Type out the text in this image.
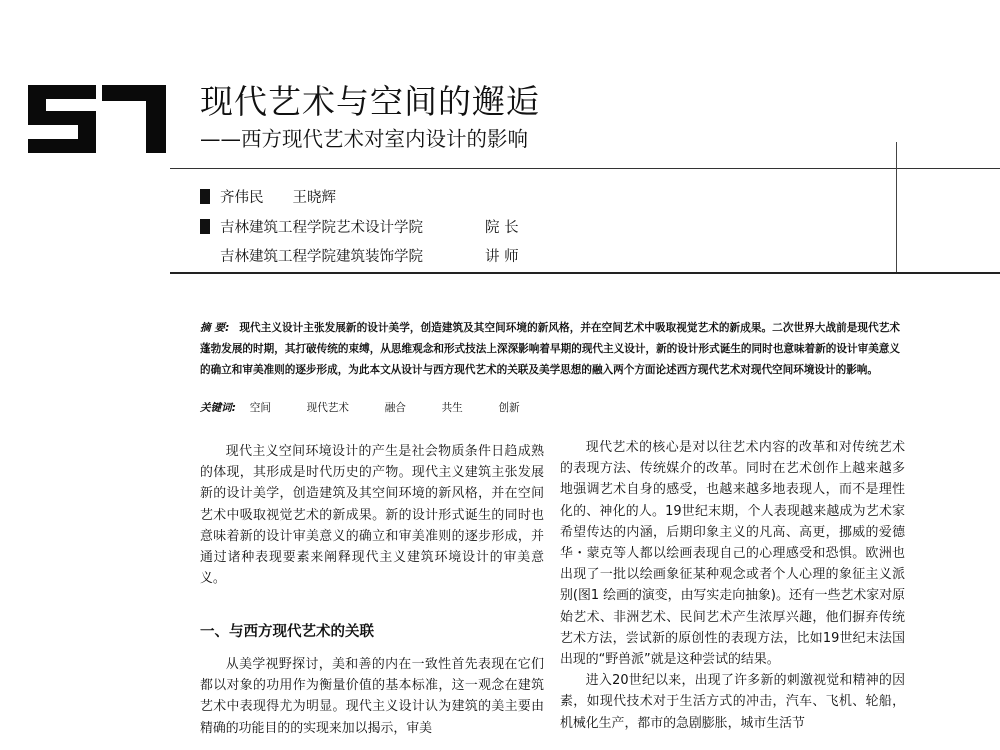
现代艺术与空间的邂逅
——西方现代艺术对室内设计的影响
齐伟民　　王晓辉
吉林建筑工程学院艺术设计学院	院 长
吉林建筑工程学院建筑装饰学院	讲 师
摘 要: 现代主义设计主张发展新的设计美学，创造建筑及其空间环境的新风格，并在空间艺术中吸取视觉艺术的新成果。二次世界大战前是现代艺术蓬勃发展的时期，其打破传统的束缚，从思维观念和形式技法上深深影响着早期的现代主义设计，新的设计形式诞生的同时也意味着新的设计审美意义的确立和审美准则的逐步形成，为此本文从设计与西方现代艺术的关联及美学思想的融入两个方面论述西方现代艺术对现代空间环境设计的影响。
关键词: 空间	现代艺术	融合	共生	创新

现代主义空间环境设计的产生是社会物质条件日趋成熟的体现，其形成是时代历史的产物。现代主义建筑主张发展新的设计美学，创造建筑及其空间环境的新风格，并在空间艺术中吸取视觉艺术的新成果。新的设计形式诞生的同时也意味着新的设计审美意义的确立和审美准则的逐步形成，并通过诸种表现要素来阐释现代主义建筑环境设计的审美意义。

一、与西方现代艺术的关联

从美学视野探讨，美和善的内在一致性首先表现在它们都以对象的功用作为衡量价值的基本标准，这一观念在建筑艺术中表现得尤为明显。现代主义设计认为建筑的美主要由精确的功能目的的实现来加以揭示，审美

现代艺术的核心是对以往艺术内容的改革和对传统艺术的表现方法、传统媒介的改革。同时在艺术创作上越来越多地强调艺术自身的感受，也越来越多地表现人，而不是理性化的、神化的人。19世纪末期，个人表现越来越成为艺术家希望传达的内涵，后期印象主义的凡高、高更，挪威的爱德华・蒙克等人都以绘画表现自己的心理感受和恐惧。欧洲也出现了一批以绘画象征某种观念或者个人心理的象征主义派别(图1 绘画的演变，由写实走向抽象)。还有一些艺术家对原始艺术、非洲艺术、民间艺术产生浓厚兴趣，他们摒弃传统艺术方法，尝试新的原创性的表现方法，比如19世纪末法国出现的“野兽派”就是这种尝试的结果。

进入20世纪以来，出现了许多新的刺激视觉和精神的因素，如现代技术对于生活方式的冲击，汽车、飞机、轮船，机械化生产，都市的急剧膨胀，城市生活节
